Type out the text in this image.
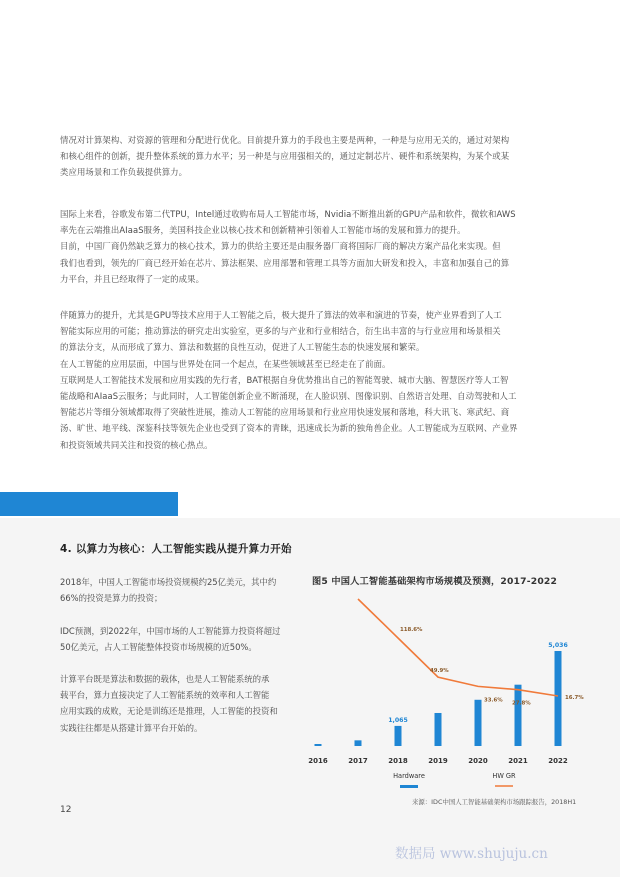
情况对计算架构、对资源的管理和分配进行优化。目前提升算力的手段也主要是两种，一种是与应用无关的，通过对架构
和核心组件的创新，提升整体系统的算力水平；另一种是与应用强相关的，通过定制芯片、硬件和系统架构，为某个或某
类应用场景和工作负载提供算力。
国际上来看，谷歌发布第二代TPU，Intel通过收购布局人工智能市场，Nvidia不断推出新的GPU产品和软件，微软和AWS
率先在云端推出AIaaS服务，美国科技企业以核心技术和创新精神引领着人工智能市场的发展和算力的提升。
目前，中国厂商仍然缺乏算力的核心技术，算力的供给主要还是由服务器厂商将国际厂商的解决方案产品化来实现。但
我们也看到，领先的厂商已经开始在芯片、算法框架、应用部署和管理工具等方面加大研发和投入，丰富和加强自己的算
力平台，并且已经取得了一定的成果。
伴随算力的提升，尤其是GPU等技术应用于人工智能之后，极大提升了算法的效率和演进的节奏，使产业界看到了人工
智能实际应用的可能；推动算法的研究走出实验室，更多的与产业和行业相结合，衍生出丰富的与行业应用和场景相关
的算法分支，从而形成了算力、算法和数据的良性互动，促进了人工智能生态的快速发展和繁荣。
在人工智能的应用层面，中国与世界处在同一个起点，在某些领域甚至已经走在了前面。
互联网是人工智能技术发展和应用实践的先行者，BAT根据自身优势推出自己的智能驾驶、城市大脑、智慧医疗等人工智
能战略和AIaaS云服务；与此同时，人工智能创新企业不断涌现，在人脸识别、图像识别、自然语言处理、自动驾驶和人工
智能芯片等细分领域都取得了突破性进展，推动人工智能的应用场景和行业应用快速发展和落地，科大讯飞、寒武纪、商
汤、旷世、地平线、深鉴科技等领先企业也受到了资本的青睐，迅速成长为新的独角兽企业。人工智能成为互联网、产业界
和投资领域共同关注和投资的核心热点。
4. 以算力为核心：人工智能实践从提升算力开始
2018年，中国人工智能市场投资规模约25亿美元，其中约
66%的投资是算力的投资；
IDC预测，到2022年，中国市场的人工智能算力投资将超过
50亿美元，占人工智能整体投资市场规模的近50%。
计算平台既是算法和数据的载体，也是人工智能系统的承
载平台，算力直接决定了人工智能系统的效率和人工智能
应用实践的成败，无论是训练还是推理，人工智能的投资和
实践往往都是从搭建计算平台开始的。
图5 中国人工智能基础架构市场规模及预测，2017-2022
2016	2017
1,065
2018	2019	2020	2021
5,036
2022
118.6%
49.9%
33.6%
27.8%
16.7%
Hardware	HW GR
来源：IDC中国人工智能基础架构市场跟踪报告，2018H1
12
数据局 www.shujuju.cn
